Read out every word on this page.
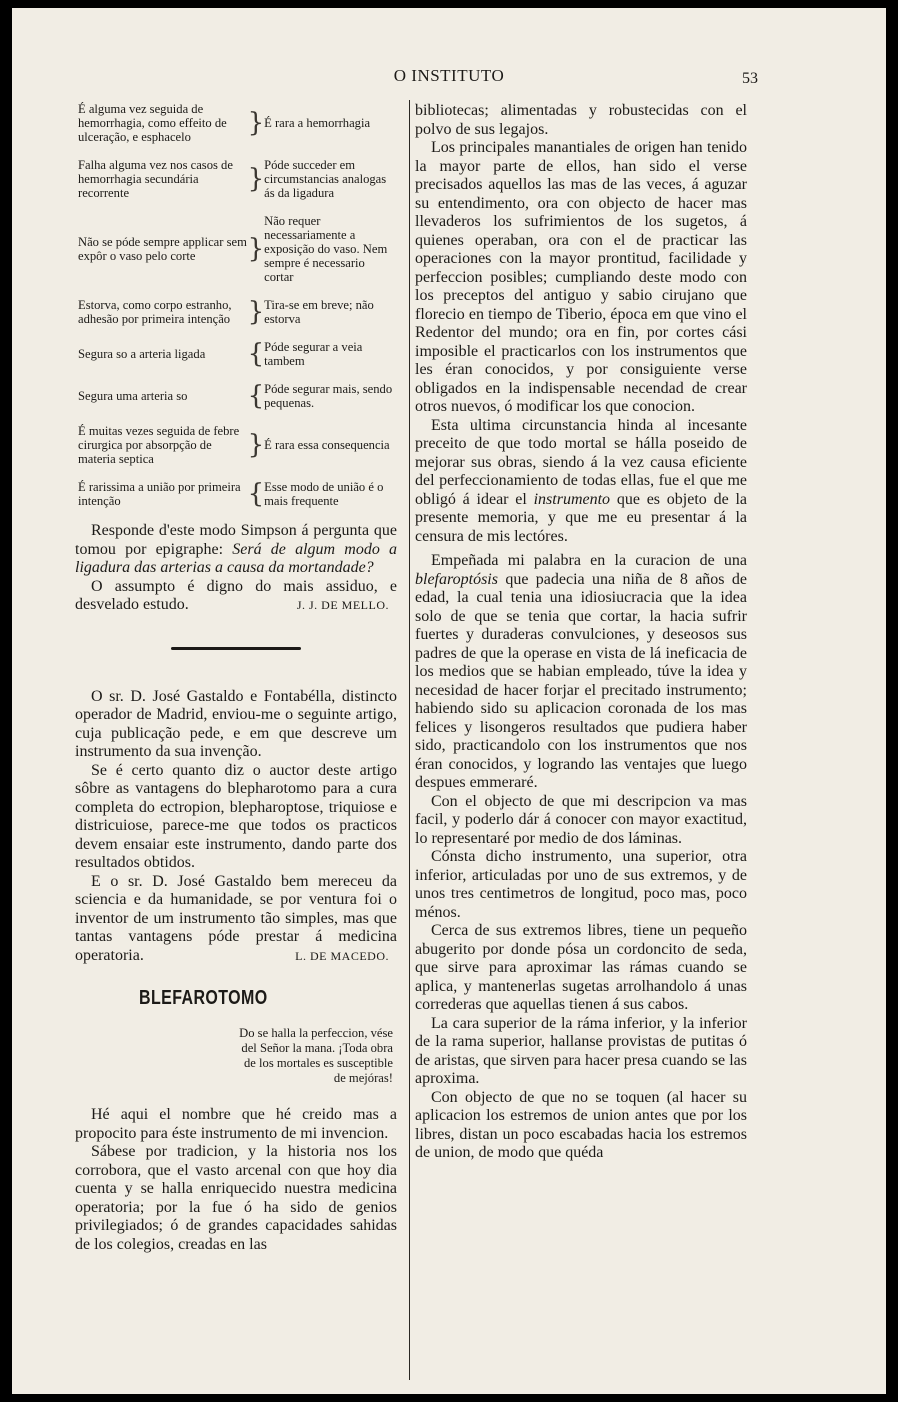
O INSTITUTO	53
É alguma vez seguida de hemorrhagia, como effeito de ulceração, e esphacelo	}	É rara a hemorrhagia
Falha alguma vez nos casos de hemorrhagia secundária recorrente	}	Póde succeder em circumstancias analogas ás da ligadura
Não se póde sempre applicar sem expôr o vaso pelo corte	}	Não requer necessariamente a exposição do vaso. Nem sempre é necessario cortar
Estorva, como corpo estranho, adhesão por primeira intenção	}	Tira-se em breve; não estorva
Segura so a arteria ligada	{	Póde segurar a veia tambem
Segura uma arteria so	{	Póde segurar mais, sendo pequenas.
É muitas vezes seguida de febre cirurgica por absorpção de materia septica	}	É rara essa consequencia
É rarissima a união por primeira intenção	{	Esse modo de união é o mais frequente

Responde d'este modo Simpson á pergunta que tomou por epigraphe: Será de algum modo a ligadura das arterias a causa da mortandade?

O assumpto é digno do mais assiduo, e desvelado estudo.	J. J. DE MELLO.

O sr. D. José Gastaldo e Fontabélla, distincto operador de Madrid, enviou-me o seguinte artigo, cuja publicação pede, e em que descreve um instrumento da sua invenção.

Se é certo quanto diz o auctor deste artigo sôbre as vantagens do blepharotomo para a cura completa do ectropion, blepharoptose, triquiose e districuiose, parece-me que todos os practicos devem ensaiar este instrumento, dando parte dos resultados obtidos.

E o sr. D. José Gastaldo bem mereceu da sciencia e da humanidade, se por ventura foi o inventor de um instrumento tão simples, mas que tantas vantagens póde prestar á medicina operatoria.	L. DE MACEDO.

BLEFAROTOMO
Do se halla la perfeccion, vése del Señor la mana. ¡Toda obra de los mortales es susceptible de mejóras!

Hé aqui el nombre que hé creido mas a propocito para éste instrumento de mi invencion.

Sábese por tradicion, y la historia nos los corrobora, que el vasto arcenal con que hoy dia cuenta y se halla enriquecido nuestra medicina operatoria; por la fue ó ha sido de genios privilegiados; ó de grandes capacidades sahidas de los colegios, creadas en las

bibliotecas; alimentadas y robustecidas con el polvo de sus legajos.

Los principales manantiales de origen han tenido la mayor parte de ellos, han sido el verse precisados aquellos las mas de las veces, á aguzar su entendimento, ora con objecto de hacer mas llevaderos los sufrimientos de los sugetos, á quienes operaban, ora con el de practicar las operaciones con la mayor prontitud, facilidade y perfeccion posibles; cumpliando deste modo con los preceptos del antiguo y sabio cirujano que florecio en tiempo de Tiberio, época em que vino el Redentor del mundo; ora en fin, por cortes cási imposible el practicarlos con los instrumentos que les éran conocidos, y por consiguiente verse obligados en la indispensable necendad de crear otros nuevos, ó modificar los que conocion.

Esta ultima circunstancia hinda al incesante preceito de que todo mortal se hálla poseido de mejorar sus obras, siendo á la vez causa eficiente del perfeccionamiento de todas ellas, fue el que me obligó á idear el instrumento que es objeto de la presente memoria, y que me eu presentar á la censura de mis lectóres.

Empeñada mi palabra en la curacion de una blefaroptósis que padecia una niña de 8 años de edad, la cual tenia una idiosiucracia que la idea solo de que se tenia que cortar, la hacia sufrir fuertes y duraderas convulciones, y deseosos sus padres de que la operase en vista de lá ineficacia de los medios que se habian empleado, túve la idea y necesidad de hacer forjar el precitado instrumento; habiendo sido su aplicacion coronada de los mas felices y lisongeros resultados que pudiera haber sido, practicandolo con los instrumentos que nos éran conocidos, y logrando las ventajes que luego despues emmeraré.

Con el objecto de que mi descripcion va mas facil, y poderlo dár á conocer con mayor exactitud, lo representaré por medio de dos láminas.

Cónsta dicho instrumento, una superior, otra inferior, articuladas por uno de sus extremos, y de unos tres centimetros de longitud, poco mas, poco ménos.

Cerca de sus extremos libres, tiene un pequeño abugerito por donde pósa un cordoncito de seda, que sirve para aproximar las rámas cuando se aplica, y mantenerlas sugetas arrolhandolo á unas correderas que aquellas tienen á sus cabos.

La cara superior de la ráma inferior, y la inferior de la rama superior, hallanse provistas de putitas ó de aristas, que sirven para hacer presa cuando se las aproxima.

Con objecto de que no se toquen (al hacer su aplicacion los estremos de union antes que por los libres, distan un poco escabadas hacia los estremos de union, de modo que quéda
